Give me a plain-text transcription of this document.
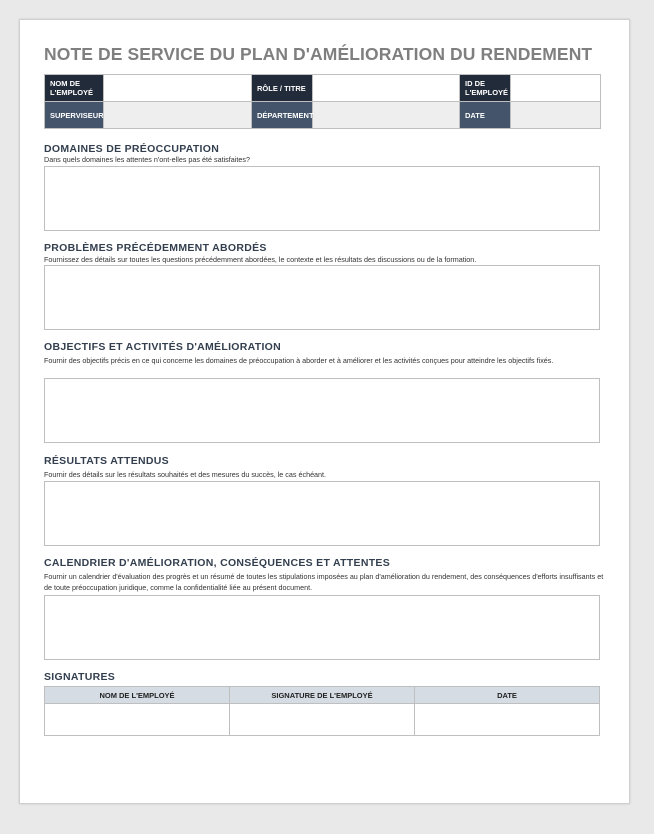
NOTE DE SERVICE DU PLAN D'AMÉLIORATION DU RENDEMENT
NOM DE L'EMPLOYÉ		RÔLE / TITRE		ID DE L'EMPLOYÉ	
SUPERVISEUR		DÉPARTEMENT		DATE	
DOMAINES DE PRÉOCCUPATION
Dans quels domaines les attentes n'ont-elles pas été satisfaites?
PROBLÈMES PRÉCÉDEMMENT ABORDÉS
Fournissez des détails sur toutes les questions précédemment abordées, le contexte et les résultats des discussions ou de la formation.
OBJECTIFS ET ACTIVITÉS D'AMÉLIORATION
Fournir des objectifs précis en ce qui concerne les domaines de préoccupation à aborder et à améliorer et les activités conçues pour atteindre les objectifs fixés.
RÉSULTATS ATTENDUS
Fournir des détails sur les résultats souhaités et des mesures du succès, le cas échéant.
CALENDRIER D'AMÉLIORATION, CONSÉQUENCES ET ATTENTES
Fournir un calendrier d'évaluation des progrès et un résumé de toutes les stipulations imposées au plan d'amélioration du rendement, des conséquences d'efforts insuffisants et de toute préoccupation juridique, comme la confidentialité liée au présent document.
SIGNATURES
NOM DE L'EMPLOYÉ	SIGNATURE DE L'EMPLOYÉ	DATE
